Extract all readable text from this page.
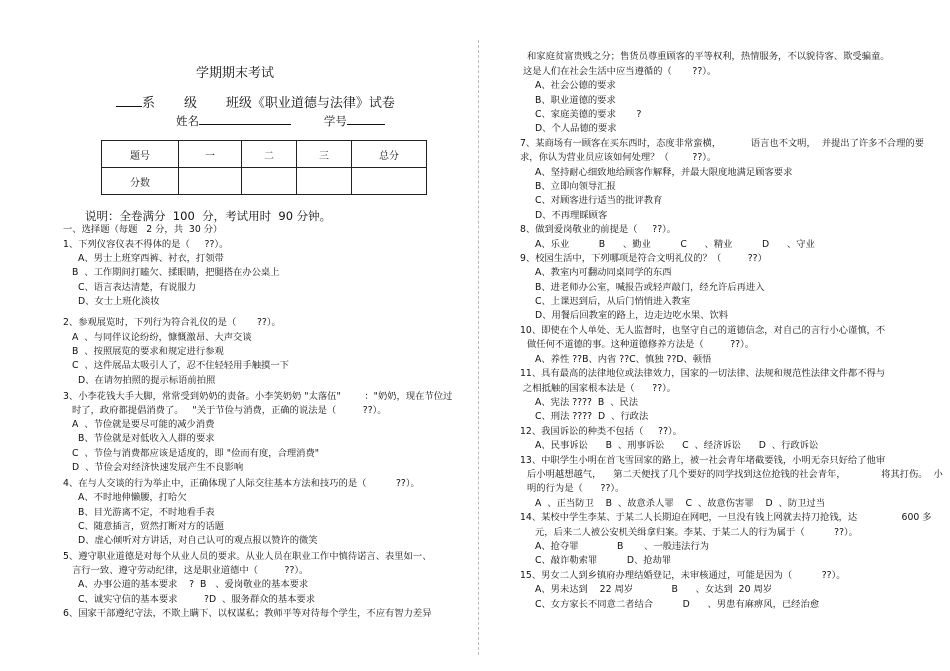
学期期末考试
系 级 班级《职业道德与法律》试卷
姓名	学号
题号	一	二	三	总分
分数				
说明：全卷满分  100  分，考试用时  90 分钟。
一、选择题（每题   2 分，共  30 分）
1、下列仪容仪表不得体的是（     ??）。
A、男士上班穿西裤、衬衣，打领带
B  、工作期间打瞌欠、揉眼睛，把腿搭在办公桌上
C、语言表达清楚，有说服力
D、女士上班化淡妆
2、参观展览时，下列行为符合礼仪的是（       ??）。
A  、与同伴议论纷纷，慷慨激昂、大声交谈
B  、按照展览的要求和规定进行参观
C  、这件展品太吸引人了，忍不住轻轻用手触摸一下
D、在请勿拍照的提示标语前拍照
3、小李花钱大手大脚，常常受到奶奶的责备。小李笑奶奶 "太落伍"        ："奶奶，现在节位过
时了，政府都提倡消费了。   "关于节俭与消费，正确的说法是（         ??）。
A  、节俭就是要尽可能的减少消费
B、节俭就是对低收入人群的要求
C  、节俭与消费都应该是适度的，即 "俭而有度，合理消费"
D  、节俭会对经济快速发展产生不良影响
4、在与人交谈的行为举止中，正确体现了人际交往基本方法和技巧的是（          ??）。
A、不时地伸懒腰，打哈欠
B、目光游离不定，不时地看手表
C、随意插言，贸然打断对方的话题
D、虚心倾听对方讲话，对自己认可的观点报以赞许的微笑
5、遵守职业道德是对每个从业人员的要求。从业人员在职业工作中慎待诺言、表里如一、
言行一致、遵守劳动纪律，这是职业道德中（         ??）。
A、办事公道的基本要求    ?  B   、爱岗敬业的基本要求
C、诚实守信的基本要求         ?D  、服务群众的基本要求
6、国家干部遵纪守法，不欺上瞒下、以权谋私；教师平等对待每个学生，不应有智力差异
和家庭贫富贵贱之分；售货员尊重顾客的平等权利，热情服务，不以貌待客、欺受骗童。
这是人们在社会生活中应当遵循的（       ??）。
A、社会公德的要求
B、职业道德的要求
C、家庭美德的要求       ?
D、个人品德的要求
7、某商场有一顾客在买东西时，态度非常蛮横，          语言也不文明，  并提出了许多不合理的要
求，你认为营业员应该如何处理？（        ??）。
A、坚持耐心细致地给顾客作解释，并最大限度地满足顾客要求
B、立即向领导汇报
C、对顾客进行适当的批评教育
D、不再理睬顾客
8、做到爱岗敬业的前提是（     ??）。
A、乐业          B      、勤业          C      、精业          D      、守业
9、校园生活中，下列哪项是符合文明礼仪的？（         ??）
A、教室内可翻动同桌同学的东西
B、进老师办公室，喊报告或轻声敲门，经允许后再进入
C、上课迟到后，从后门悄悄进入教室
D、用餐后回教室的路上，边走边吃水果、饮料
10、即使在个人单处、无人监督时，也坚守自己的道德信念，对自己的言行小心谨慎，不
做任何不道德的事。这种道德修养方法是（         ??）。
A、养性 ??B、内省 ??C、慎独 ??D、顿悟
11、具有最高的法律地位或法律效力，国家的一切法律、法规和规范性法律文件都不得与
之相抵触的国家根本法是（      ??）。
A、宪法 ????  B  、民法
C、刑法 ????  D  、行政法
12、我国诉讼的种类不包括（     ??）。
A、民事诉讼      B  、刑事诉讼      C  、经济诉讼      D  、行政诉讼
13、中职学生小明在首飞雪回家的路上，被一社会青年堵截要钱，小明无奈只好给了他审
后小明越想越气，    第二天便找了几个要好的同学找到这位抢钱的社会青年，            将其打伤。  小
明的行为是（      ??）。
A  、正当防卫    B  、故意杀人罪    C  、故意伤害罪    D  、防卫过当
14、某校中学生李某、于某二人长期迫在网吧，一旦没有钱上网就去持刀抢钱，达               600 多
元，后来二人被公安机关缉拿归案。李某、于某二人的行为属于（          ??）。
A、抢夺罪             B       、一般违法行为
C、敲诈勒索罪          D、抢劫罪
15、男女二人到乡镇府办理结婚登记，未审核通过，可能是因为（          ??）。
A、男未达到    22 周岁             B      、女达到  20 周岁
C、女方家长不同意二者结合          D      、男患有麻痹风，已经治愈
